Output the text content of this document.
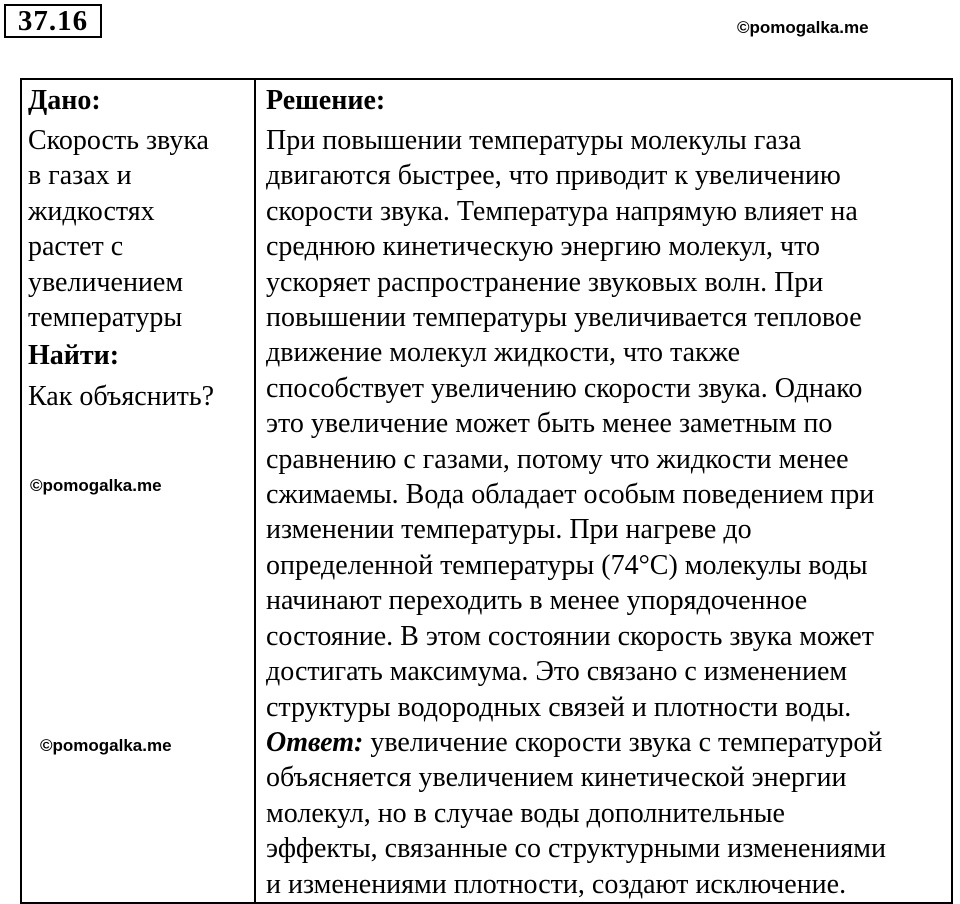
37.16	©pomogalka.me
Дано:
Скорость звука
в газах и
жидкостях
растет с
увеличением
температуры
Найти:
Как объяснить?

Решение:
При повышении температуры молекулы газа
двигаются быстрее, что приводит к увеличению
скорости звука. Температура напрямую влияет на
среднюю кинетическую энергию молекул, что
ускоряет распространение звуковых волн. При
повышении температуры увеличивается тепловое
движение молекул жидкости, что также
способствует увеличению скорости звука. Однако
это увеличение может быть менее заметным по
сравнению с газами, потому что жидкости менее
сжимаемы. Вода обладает особым поведением при
изменении температуры. При нагреве до
определенной температуры (74°C) молекулы воды
начинают переходить в менее упорядоченное
состояние. В этом состоянии скорость звука может
достигать максимума. Это связано с изменением
структуры водородных связей и плотности воды.
Ответ: увеличение скорости звука с температурой
объясняется увеличением кинетической энергии
молекул, но в случае воды дополнительные
эффекты, связанные со структурными изменениями
и изменениями плотности, создают исключение.
©pomogalka.me
©pomogalka.me
